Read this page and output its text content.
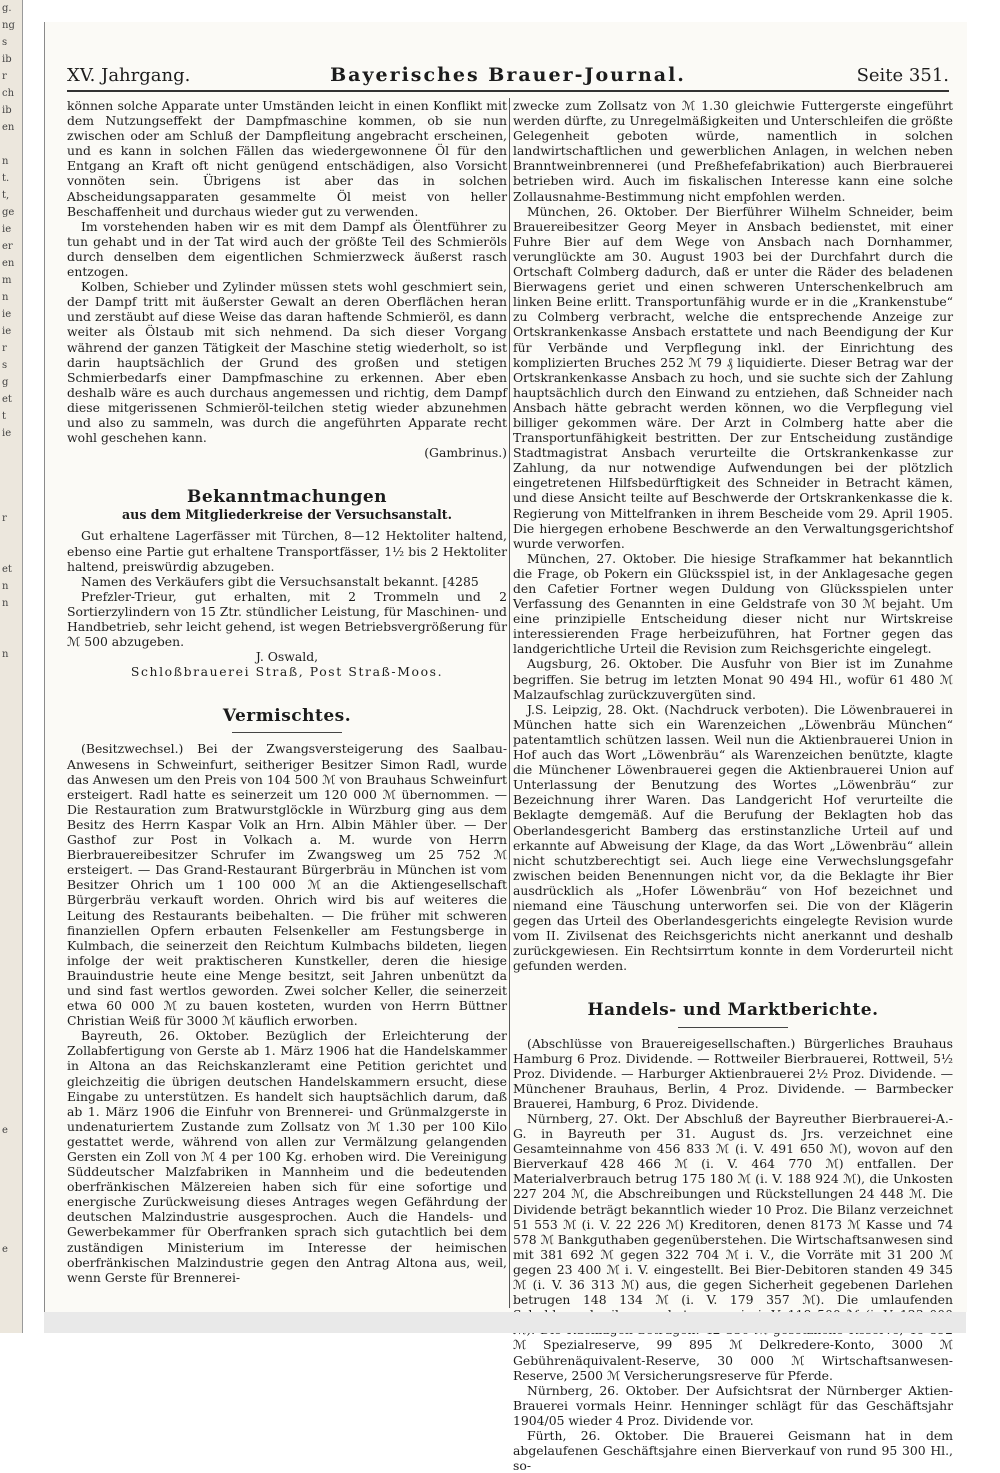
g.
ng
s
ib
r
ch
ib
en

n
t.
t,
ge
ie
er
en
m
n
ie
ie
r
s
g
et
t
ie

r

et
n
n

n

e

e
XV. Jahrgang.	Bayerisches Brauer-Journal.	Seite 351.

können solche Apparate unter Umständen leicht in einen Konflikt mit dem Nutzungseffekt der Dampfmaschine kommen, ob sie nun zwischen oder am Schluß der Dampfleitung angebracht erscheinen, und es kann in solchen Fällen das wiedergewonnene Öl für den Entgang an Kraft oft nicht genügend entschädigen, also Vorsicht vonnöten sein. Übrigens ist aber das in solchen Abscheidungsapparaten gesammelte Öl meist von heller Beschaffenheit und durchaus wieder gut zu verwenden.

Im vorstehenden haben wir es mit dem Dampf als Ölentführer zu tun gehabt und in der Tat wird auch der größte Teil des Schmieröls durch denselben dem eigentlichen Schmierzweck äußerst rasch entzogen.

Kolben, Schieber und Zylinder müssen stets wohl geschmiert sein, der Dampf tritt mit äußerster Gewalt an deren Oberflächen heran und zerstäubt auf diese Weise das daran haftende Schmieröl, es dann weiter als Ölstaub mit sich nehmend. Da sich dieser Vorgang während der ganzen Tätigkeit der Maschine stetig wiederholt, so ist darin hauptsächlich der Grund des großen und stetigen Schmierbedarfs einer Dampfmaschine zu erkennen. Aber eben deshalb wäre es auch durchaus angemessen und richtig, dem Dampf diese mitgerissenen Schmieröl-teilchen stetig wieder abzunehmen und also zu sammeln, was durch die angeführten Apparate recht wohl geschehen kann.

(Gambrinus.)
Bekanntmachungen
aus dem Mitgliederkreise der Versuchsanstalt.

Gut erhaltene Lagerfässer mit Türchen, 8—12 Hektoliter haltend, ebenso eine Partie gut erhaltene Transportfässer, 1½ bis 2 Hektoliter haltend, preiswürdig abzugeben.

Namen des Verkäufers gibt die Versuchsanstalt bekannt. [4285

Prefzler-Trieur, gut erhalten, mit 2 Trommeln und 2 Sortierzylindern von 15 Ztr. stündlicher Leistung, für Maschinen- und Handbetrieb, sehr leicht gehend, ist wegen Betriebsvergrößerung für ℳ 500 abzugeben.

J. Oswald,
Schloßbrauerei Straß, Post Straß-Moos.
Vermischtes.

(Besitzwechsel.) Bei der Zwangsversteigerung des Saalbau-Anwesens in Schweinfurt, seitheriger Besitzer Simon Radl, wurde das Anwesen um den Preis von 104 500 ℳ von Brauhaus Schweinfurt ersteigert. Radl hatte es seinerzeit um 120 000 ℳ übernommen. — Die Restauration zum Bratwurstglöckle in Würzburg ging aus dem Besitz des Herrn Kaspar Volk an Hrn. Albin Mähler über. — Der Gasthof zur Post in Volkach a. M. wurde von Herrn Bierbrauereibesitzer Schrufer im Zwangsweg um 25 752 ℳ ersteigert. — Das Grand-Restaurant Bürgerbräu in München ist vom Besitzer Ohrich um 1 100 000 ℳ an die Aktiengesellschaft Bürgerbräu verkauft worden. Ohrich wird bis auf weiteres die Leitung des Restaurants beibehalten. — Die früher mit schweren finanziellen Opfern erbauten Felsenkeller am Festungsberge in Kulmbach, die seinerzeit den Reichtum Kulmbachs bildeten, liegen infolge der weit praktischeren Kunstkeller, deren die hiesige Brauindustrie heute eine Menge besitzt, seit Jahren unbenützt da und sind fast wertlos geworden. Zwei solcher Keller, die seinerzeit etwa 60 000 ℳ zu bauen kosteten, wurden von Herrn Büttner Christian Weiß für 3000 ℳ käuflich erworben.

Bayreuth, 26. Oktober. Bezüglich der Erleichterung der Zollabfertigung von Gerste ab 1. März 1906 hat die Handelskammer in Altona an das Reichskanzleramt eine Petition gerichtet und gleichzeitig die übrigen deutschen Handelskammern ersucht, diese Eingabe zu unterstützen. Es handelt sich hauptsächlich darum, daß ab 1. März 1906 die Einfuhr von Brennerei- und Grünmalzgerste in undenaturiertem Zustande zum Zollsatz von ℳ 1.30 per 100 Kilo gestattet werde, während von allen zur Vermälzung gelangenden Gersten ein Zoll von ℳ 4 per 100 Kg. erhoben wird. Die Vereinigung Süddeutscher Malzfabriken in Mannheim und die bedeutenden oberfränkischen Mälzereien haben sich für eine sofortige und energische Zurückweisung dieses Antrages wegen Gefährdung der deutschen Malzindustrie ausgesprochen. Auch die Handels- und Gewerbekammer für Oberfranken sprach sich gutachtlich bei dem zuständigen Ministerium im Interesse der heimischen oberfränkischen Malzindustrie gegen den Antrag Altona aus, weil, wenn Gerste für Brennerei-

zwecke zum Zollsatz von ℳ 1.30 gleichwie Futtergerste eingeführt werden dürfte, zu Unregelmäßigkeiten und Unterschleifen die größte Gelegenheit geboten würde, namentlich in solchen landwirtschaftlichen und gewerblichen Anlagen, in welchen neben Branntweinbrennerei (und Preßhefefabrikation) auch Bierbrauerei betrieben wird. Auch im fiskalischen Interesse kann eine solche Zollausnahme-Bestimmung nicht empfohlen werden.

München, 26. Oktober. Der Bierführer Wilhelm Schneider, beim Brauereibesitzer Georg Meyer in Ansbach bedienstet, mit einer Fuhre Bier auf dem Wege von Ansbach nach Dornhammer, verunglückte am 30. August 1903 bei der Durchfahrt durch die Ortschaft Colmberg dadurch, daß er unter die Räder des beladenen Bierwagens geriet und einen schweren Unterschenkelbruch am linken Beine erlitt. Transportunfähig wurde er in die „Krankenstube“ zu Colmberg verbracht, welche die entsprechende Anzeige zur Ortskrankenkasse Ansbach erstattete und nach Beendigung der Kur für Verbände und Verpflegung inkl. der Einrichtung des komplizierten Bruches 252 ℳ 79 ₰ liquidierte. Dieser Betrag war der Ortskrankenkasse Ansbach zu hoch, und sie suchte sich der Zahlung hauptsächlich durch den Einwand zu entziehen, daß Schneider nach Ansbach hätte gebracht werden können, wo die Verpflegung viel billiger gekommen wäre. Der Arzt in Colmberg hatte aber die Transportunfähigkeit bestritten. Der zur Entscheidung zuständige Stadtmagistrat Ansbach verurteilte die Ortskrankenkasse zur Zahlung, da nur notwendige Aufwendungen bei der plötzlich eingetretenen Hilfsbedürftigkeit des Schneider in Betracht kämen, und diese Ansicht teilte auf Beschwerde der Ortskrankenkasse die k. Regierung von Mittelfranken in ihrem Bescheide vom 29. April 1905. Die hiergegen erhobene Beschwerde an den Verwaltungsgerichtshof wurde verworfen.

München, 27. Oktober. Die hiesige Strafkammer hat bekanntlich die Frage, ob Pokern ein Glücksspiel ist, in der Anklagesache gegen den Cafetier Fortner wegen Duldung von Glücksspielen unter Verfassung des Genannten in eine Geldstrafe von 30 ℳ bejaht. Um eine prinzipielle Entscheidung dieser nicht nur Wirtskreise interessierenden Frage herbeizuführen, hat Fortner gegen das landgerichtliche Urteil die Revision zum Reichsgerichte eingelegt.

Augsburg, 26. Oktober. Die Ausfuhr von Bier ist im Zunahme begriffen. Sie betrug im letzten Monat 90 494 Hl., wofür 61 480 ℳ Malzaufschlag zurückzuvergüten sind.

J.S. Leipzig, 28. Okt. (Nachdruck verboten). Die Löwenbrauerei in München hatte sich ein Warenzeichen „Löwenbräu München“ patentamtlich schützen lassen. Weil nun die Aktienbrauerei Union in Hof auch das Wort „Löwenbräu“ als Warenzeichen benützte, klagte die Münchener Löwenbrauerei gegen die Aktienbrauerei Union auf Unterlassung der Benutzung des Wortes „Löwenbräu“ zur Bezeichnung ihrer Waren. Das Landgericht Hof verurteilte die Beklagte demgemäß. Auf die Berufung der Beklagten hob das Oberlandesgericht Bamberg das erstinstanzliche Urteil auf und erkannte auf Abweisung der Klage, da das Wort „Löwenbräu“ allein nicht schutzberechtigt sei. Auch liege eine Verwechslungsgefahr zwischen beiden Benennungen nicht vor, da die Beklagte ihr Bier ausdrücklich als „Hofer Löwenbräu“ von Hof bezeichnet und niemand eine Täuschung unterworfen sei. Die von der Klägerin gegen das Urteil des Oberlandesgerichts eingelegte Revision wurde vom II. Zivilsenat des Reichsgerichts nicht anerkannt und deshalb zurückgewiesen. Ein Rechtsirrtum konnte in dem Vorderurteil nicht gefunden werden.

Handels- und Marktberichte.

(Abschlüsse von Brauereigesellschaften.) Bürgerliches Brauhaus Hamburg 6 Proz. Dividende. — Rottweiler Bierbrauerei, Rottweil, 5½ Proz. Dividende. — Harburger Aktienbrauerei 2½ Proz. Dividende. — Münchener Brauhaus, Berlin, 4 Proz. Dividende. — Barmbecker Brauerei, Hamburg, 6 Proz. Dividende.

Nürnberg, 27. Okt. Der Abschluß der Bayreuther Bierbrauerei-A.-G. in Bayreuth per 31. August ds. Jrs. verzeichnet eine Gesamteinnahme von 456 833 ℳ (i. V. 491 650 ℳ), wovon auf den Bierverkauf 428 466 ℳ (i. V. 464 770 ℳ) entfallen. Der Materialverbrauch betrug 175 180 ℳ (i. V. 188 924 ℳ), die Unkosten 227 204 ℳ, die Abschreibungen und Rückstellungen 24 448 ℳ. Die Dividende beträgt bekanntlich wieder 10 Proz. Die Bilanz verzeichnet 51 553 ℳ (i. V. 22 226 ℳ) Kreditoren, denen 8173 ℳ Kasse und 74 578 ℳ Bankguthaben gegenüberstehen. Die Wirtschaftsanwesen sind mit 381 692 ℳ gegen 322 704 ℳ i. V., die Vorräte mit 31 200 ℳ gegen 23 400 ℳ i. V. eingestellt. Bei Bier-Debitoren standen 49 345 ℳ (i. V. 36 313 ℳ) aus, die gegen Sicherheit gegebenen Darlehen betrugen 148 134 ℳ (i. V. 179 357 ℳ). Die umlaufenden ℳ Spezialreserve, 99 895 ℳ Delkredere-Konto, 3000 ℳ Gebührenäquivalent-Reserve, 30 000 ℳ Wirtschaftsanwesen-Reserve, 2500 ℳ Versicherungsreserve für Pferde.

Nürnberg, 26. Oktober. Der Aufsichtsrat der Nürnberger Aktien-Brauerei vormals Heinr. Henninger schlägt für das Geschäftsjahr 1904/05 wieder 4 Proz. Dividende vor.

Fürth, 26. Oktober. Die Brauerei Geismann hat in dem abgelaufenen Geschäftsjahre einen Bierverkauf von rund 95 300 Hl., so-
